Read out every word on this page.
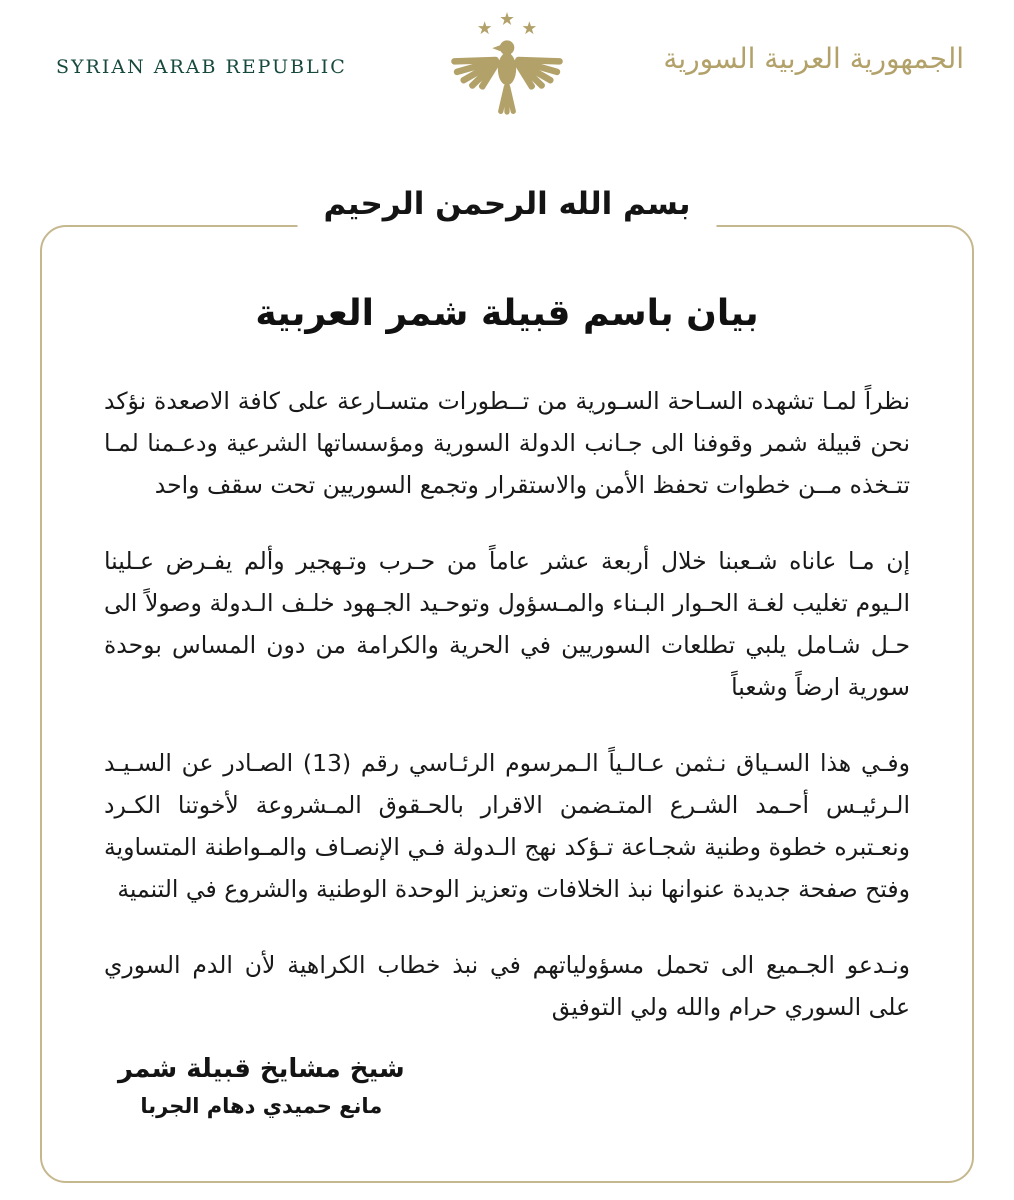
SYRIAN ARAB REPUBLIC	الجمهورية العربية السورية
بسم الله الرحمن الرحيم
بيان باسم قبيلة شمر العربية

نظراً لمـا تشهده السـاحة السـورية من تــطورات متسـارعة على كافة الاصعدة نؤكد نحن قبيلة شمر وقوفنا الى جـانب الدولة السورية ومؤسساتها الشرعية ودعـمنا لمـا تتـخذه مــن خطوات تحفظ الأمن والاستقرار وتجمع السوريين تحت سقف واحد

إن مـا عاناه شـعبنا خلال أربعة عشر عاماً من حـرب وتـهجير وألم يفـرض عـلينا الـيوم تغليب لغـة الحـوار البـناء والمـسؤول وتوحـيد الجـهود خلـف الـدولة وصولاً الى حـل شـامل يلبي تطلعات السوريين في الحرية والكرامة من دون المساس بوحدة سورية ارضاً وشعباً

وفـي هذا السـياق نـثمن عـالـياً الـمرسوم الرئـاسي رقم (13) الصـادر عن السـيـد الـرئيـس أحـمد الشـرع المتـضمن الاقرار بالحـقوق المـشروعة لأخوتنا الكـرد ونعـتبره خطوة وطنية شجـاعة تـؤكد نهج الـدولة فـي الإنصـاف والمـواطنة المتساوية وفتح صفحة جديدة عنوانها نبذ الخلافات وتعزيز الوحدة الوطنية والشروع في التنمية

ونـدعو الجـميع الى تحمل مسؤولياتهم في نبذ خطاب الكراهية لأن الدم السوري على السوري حرام والله ولي التوفيق

شيخ مشايخ قبيلة شمر
مانع حميدي دهام الجربا
